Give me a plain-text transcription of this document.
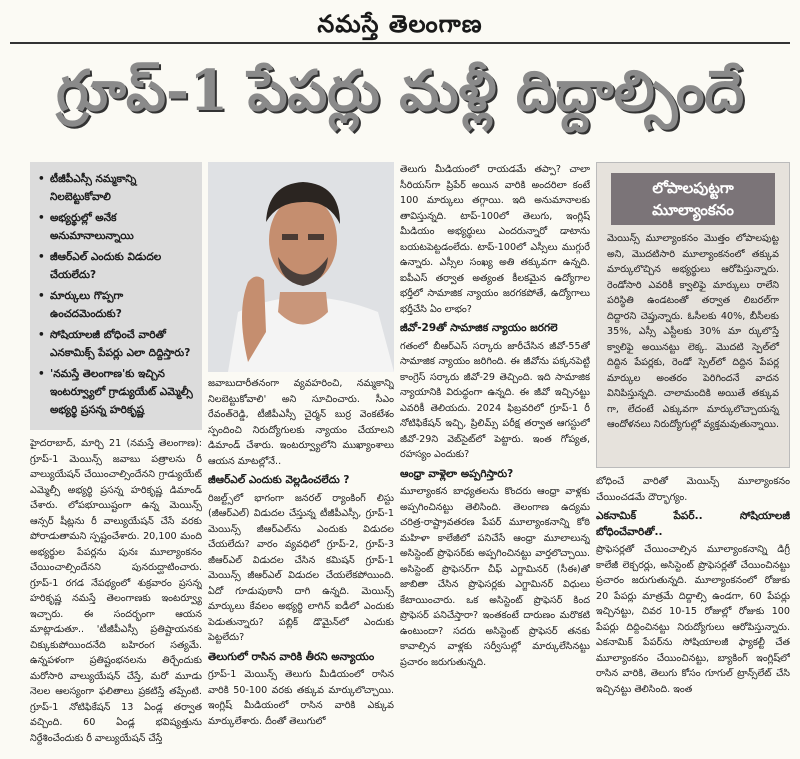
నమస్తే తెలంగాణ
గ్రూప్-1 పేపర్లు మళ్లీ దిద్దాల్సిందే
• టీజీపీఎస్సీ నమ్మకాన్ని నిలబెట్టుకోవాలి
• అభ్యర్థుల్లో అనేక అనుమానాలున్నాయి
• జీఆర్‌ఎల్ ఎందుకు విడుదల చేయలేదు?
• మార్కులు గొప్పగా ఉంచదమెందుకు?
• సోషియాలజీ బోధించే వారితో ఎనకామిక్స్ పేపర్లు ఎలా దిద్దిస్తారు?
• 'నమస్తే తెలంగాణ'కు ఇచ్చిన ఇంటర్వ్యూలో గ్రాడ్యుయేట్ ఎమ్మెల్సీ అభ్యర్థి ప్రసన్న హరికృష్ణ

హైదరాబాద్, మార్చి 21 (నమస్తే తెలంగాణ): గ్రూప్-1 మెయిన్స్ జవాబు పత్రాలను రీ వాల్యుయేషన్ చేయించాల్సిందేనని గ్రాడ్యుయేట్ ఎమ్మెల్సీ అభ్యర్థి ప్రసన్న హరికృష్ణ డిమాండ్ చేశారు. లోపభూయిష్టంగా ఉన్న మెయిన్స్ ఆన్సర్ షీట్లను రీ వాల్యుయేషన్ చేసే వరకు పోరాడుతామని స్పష్టంచేశారు. 20,100 మంది అభ్యర్థుల పేపర్లను పునః మూల్యాంకనం చేయించాల్సిందేనని పునరుద్ఘాటించారు. గ్రూప్-1 రగడ నేపథ్యంలో శుక్రవారం ప్రసన్న హరికృష్ణ నమస్తే తెలంగాణకు ఇంటర్వ్యూ ఇచ్చారు. ఈ సందర్భంగా ఆయన మాట్లాడుతూ.. 'టీజీపీఎస్సీ ప్రతిష్టాయనకు చిక్కుకుపోయిందనేది బహిరంగ సత్యమే. ఉన్నపళంగా ప్రతిష్టంభనలను తిర్చేందుకు మరోసారి వాల్యుయేషన్ చేస్తే, మరో మూడు నెలల ఆలస్యంగా ఫలితాలు ప్రకటిస్తే తప్పేంటి. గ్రూప్-1 నోటిఫికేషన్ 13 ఏండ్ల తర్వాత వచ్చింది. 60 ఏండ్ల భవిష్యత్తును నిర్దేశించేందుకు రీ వాల్యుయేషన్ చేస్తే

జవాబుదారీతనంగా వ్యవహరించి, నమ్మకాన్ని నిలబెట్టుకోవాలి' అని సూచించారు. సీఎం రేవంత్‌రెడ్డి, టీజీపీఎస్సీ చైర్మన్ బుర్ర వెంకటేశం స్పందించి నిరుద్యోగులకు న్యాయం చేయాలని డిమాండ్ చేశారు. ఇంటర్వ్యూలోని ముఖ్యాంశాలు ఆయన మాటల్లోనే..

జీఆర్‌ఎల్ ఎందుకు వెల్లడించలేదు ?

రిజల్ట్స్‌లో భాగంగా జనరల్ ర్యాంకింగ్ లిస్టు (జీఆర్‌ఎల్) విడుదల చేస్తున్న టీజీపీఎస్సీ, గ్రూప్-1 మెయిన్స్ జీఆర్‌ఎల్‌ను ఎందుకు విడుదల చేయలేదు? వారం వ్యవధిలో గ్రూప్-2, గ్రూప్-3 జీఆర్‌ఎల్ విడుదల చేసిన కమిషన్ గ్రూప్-1 మెయిన్స్ జీఆర్‌ఎల్ విడుదల చేయలేకపోయింది. ఏదో గూడుపుఠానీ దాగి ఉన్నది. మెయిన్స్ మార్కులు కేవలం అభ్యర్థి లాగిన్ ఐడీలో ఎందుకు పెడుతున్నారు? పబ్లిక్ డొమైన్‌లో ఎందుకు పెట్టలేదు?

తెలుగులో రాసిన వారికి తీరని అన్యాయం

గ్రూప్-1 మెయిన్స్ తెలుగు మీడియంలో రాసిన వారికి 50-100 వరకు తక్కువ మార్కులొచ్చాయి. ఇంగ్లిష్ మీడియంలో రాసిన వారికి ఎక్కువ మార్కులేశారు. దీంతో తెలుగులో

తెలుగు మీడియంలో రాయడమే తప్పా? చాలా సీరియస్‌గా ప్రిపేర్ అయిన వారికి అందరిలా కంటే 100 మార్కులు తగ్గాయి. ఇది అనుమానాలకు తావిస్తున్నది. టాప్-100లో తెలుగు, ఇంగ్లిష్ మీడియం అభ్యర్థులు ఎందరున్నారో డాటాను బయటపెట్టడంలేదు. టాప్-100లో ఎస్సీలు ముగ్గురే ఉన్నారు. ఎస్సీల సంఖ్య అతి తక్కువగా ఉన్నది. ఐపీఎస్ తర్వాత అత్యంత కీలకమైన ఉద్యోగాల భర్తీలో సామాజిక న్యాయం జరగకపోతే, ఉద్యోగాలు భర్తీచేసి ఏం లాభం?

జీవో-29తో సామాజిక న్యాయం జరగలె

గతంలో బీఆర్‌ఎస్ సర్కారు జారీచేసిన జీవో-55తో సామాజిక న్యాయం జరిగింది. ఈ జీవోను పక్కనపెట్టి కాంగ్రెస్ సర్కారు జీవో-29 తెచ్చింది. ఇది సామాజిక న్యాయానికి విరుద్ధంగా ఉన్నది. ఈ జీవో ఇచ్చినట్టు ఎవరికీ తెలియదు. 2024 ఫిబ్రవరిలో గ్రూప్-1 రీ నోటిఫికేషన్ ఇచ్చి, ప్రిలిమ్స్ పరీక్ష తర్వాత ఆగస్టులో జీవో-29ని వెబ్‌సైట్‌లో పెట్టారు. ఇంత గోప్యత, రహస్యం ఎందుకు?

ఆంధ్రా వాళ్లెలా అప్పగిస్తారు?

మూల్యాంకన బాధ్యతలను కొందరు ఆంధ్రా వాళ్లకు అప్పగించినట్టు తెలిసింది. తెలంగాణ ఉద్యమ చరిత్ర-రాష్ట్రావతరణ పేపర్ మూల్యాంకనాన్ని కోఠి మహిళా కాలేజీలో పనిచేసే ఆంధ్రా మూలాలున్న అసిస్టెంట్ ప్రొఫెసర్‌కు అప్పగించినట్టు వార్తలొచ్చాయి. అసిస్టెంట్ ప్రొఫెసర్‌గా చీఫ్ ఎగ్జామినర్ (సీఈ)తో జాబితా చేసిన ప్రొఫెసర్లకు ఎగ్జామినర్ విధులు కేటాయించారు. ఒక అసిస్టెంట్ ప్రొఫెసర్ కింద ప్రొఫెసర్ పనిచేస్తారా? ఇంతకంటే దారుణం మరొకటి ఉంటుందా? సదరు అసిస్టెంట్ ప్రొఫెసర్ తనకు కావాల్సిన వాళ్లకు సర్వీసుల్లో మార్కులేసినట్టు ప్రచారం జరుగుతున్నది.

లోపాలపుట్టగా మూల్యాంకనం
మెయిన్స్ మూల్యాంకనం మొత్తం లోపాలపుట్ట అని, మొదటిసారి మూల్యాంకనంలో తక్కువ మార్కులొచ్చిన అభ్యర్థులు ఆరోపిస్తున్నారు. రెండోసారి ఎవరికీ క్వాలిఫై మార్కులు రాలేని పరిస్థితి ఉండటంతో తర్వాత లిబరల్‌గా దిద్దారని చెప్తున్నారు. ఓసీలకు 40%, బీసీలకు 35%, ఎస్సీ ఎస్టీలకు 30% మా ర్కులొస్తే క్వాలిఫై అయినట్టు లెక్క. మొదటి స్పెల్‌లో దిద్దిన పేపర్లకు, రెండో స్పెల్‌లో దిద్దిన పేపర్ల మార్కుల అంతరం పెరిగిందనే వాదన వినిపిస్తున్నది. చాలామందికి అయితే తక్కువ గా, లేదంటే ఎక్కువగా మార్కులొచ్చాయన్న ఆందోళనలు నిరుద్యోగుల్లో వ్యక్తమవుతున్నాయి.

బోధించే వారితో మెయిన్స్ మూల్యాంకనం చేయించడమే దౌర్భాగ్యం.

ఎకనామిక్ పేపర్.. సోషియాలజీ బోధించేవారితో..

ప్రొఫెసర్లతో చేయించాల్సిన మూల్యాంకనాన్ని డిగ్రీ కాలేజీ లెక్చరర్లు, అసిస్టెంట్ ప్రొఫెసర్లతో చేయించినట్టు ప్రచారం జరుగుతున్నది. మూల్యాంకనంలో రోజుకు 20 పేపర్లు మాత్రమే దిద్దాల్సి ఉండగా, 60 పేపర్లు ఇచ్చినట్టు, చివర 10-15 రోజుల్లో రోజుకు 100 పేపర్లు దిద్దించినట్టు నిరుద్యోగులు ఆరోపిస్తున్నారు. ఎకనామిక్ పేపర్‌ను సోషియాలజీ ఫ్యాకల్టీ చేత మూల్యాంకనం చేయించినట్టు, బ్యాకింగ్ ఇంగ్లిష్‌లో రాసిన వారికి, తెలుగు కోసం గూగుల్ ట్రాన్స్‌లేట్ చేసి ఇచ్చినట్టు తెలిసింది. ఇంత
